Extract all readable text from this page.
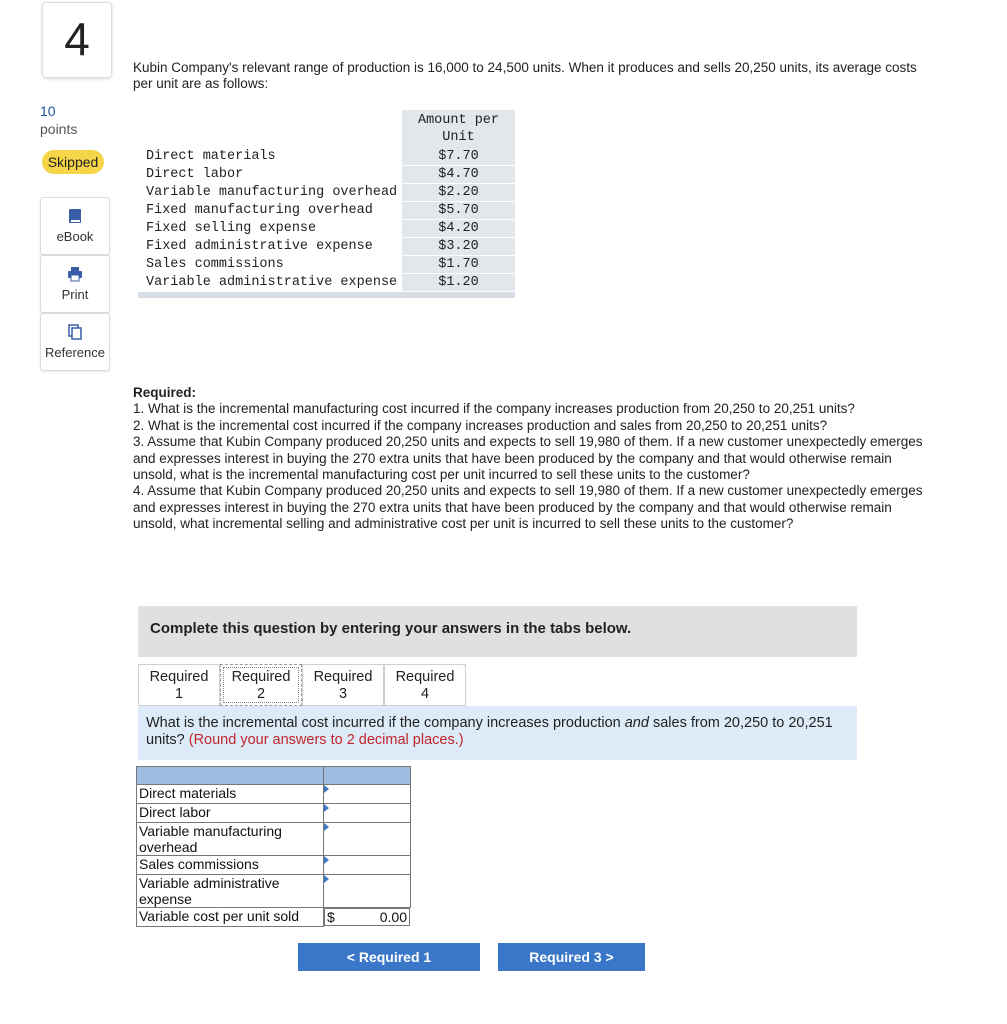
4
10
points
Skipped
eBook
Print
Reference
Kubin Company's relevant range of production is 16,000 to 24,500 units. When it produces and sells 20,250 units, its average costs per unit are as follows:
	Amount per
Unit
Direct materials	$7.70
Direct labor	$4.70
Variable manufacturing overhead	$2.20
Fixed manufacturing overhead	$5.70
Fixed selling expense	$4.20
Fixed administrative expense	$3.20
Sales commissions	$1.70
Variable administrative expense	$1.20

Required:

1. What is the incremental manufacturing cost incurred if the company increases production from 20,250 to 20,251 units?

2. What is the incremental cost incurred if the company increases production and sales from 20,250 to 20,251 units?

3. Assume that Kubin Company produced 20,250 units and expects to sell 19,980 of them. If a new customer unexpectedly emerges and expresses interest in buying the 270 extra units that have been produced by the company and that would otherwise remain unsold, what is the incremental manufacturing cost per unit incurred to sell these units to the customer?

4. Assume that Kubin Company produced 20,250 units and expects to sell 19,980 of them. If a new customer unexpectedly emerges and expresses interest in buying the 270 extra units that have been produced by the company and that would otherwise remain unsold, what incremental selling and administrative cost per unit is incurred to sell these units to the customer?

Complete this question by entering your answers in the tabs below.
Required
1
Required
2
Required
3
Required
4
What is the incremental cost incurred if the company increases production and sales from 20,250 to 20,251 units? (Round your answers to 2 decimal places.)

Direct materials	

Direct labor	

Variable manufacturing overhead	

Sales commissions	

Variable administrative expense	

Variable cost per unit sold	$	0.00
< Required 1	Required 3 >
